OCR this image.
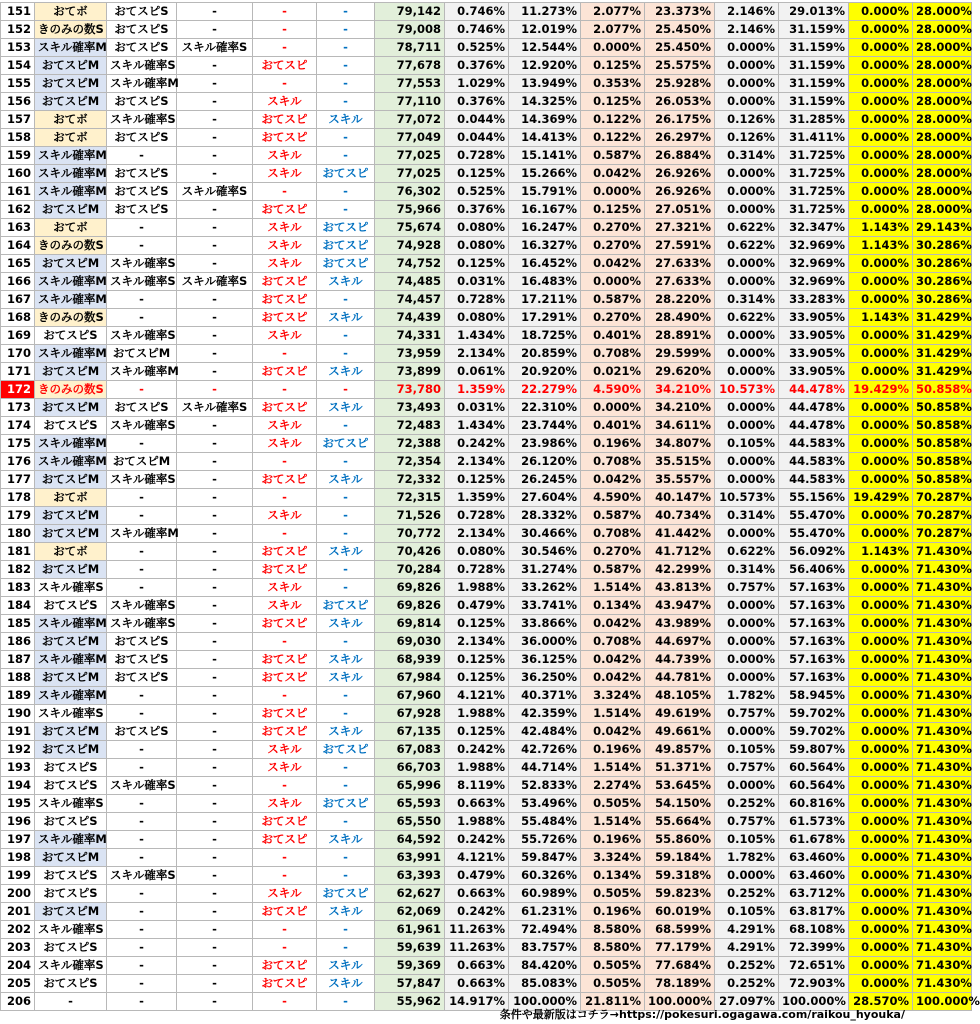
151	おてボ	おてスピS	-	-	-	79,142	0.746%	11.273%	2.077%	23.373%	2.146%	29.013%	0.000%	28.000%
152	きのみの数S	おてスピS	-	-	-	79,008	0.746%	12.019%	2.077%	25.450%	2.146%	31.159%	0.000%	28.000%
153	スキル確率M	おてスピS	スキル確率S	-	-	78,711	0.525%	12.544%	0.000%	25.450%	0.000%	31.159%	0.000%	28.000%
154	おてスピM	スキル確率S	-	おてスピ	-	77,678	0.376%	12.920%	0.125%	25.575%	0.000%	31.159%	0.000%	28.000%
155	おてスピM	スキル確率M	-	-	-	77,553	1.029%	13.949%	0.353%	25.928%	0.000%	31.159%	0.000%	28.000%
156	おてスピM	おてスピS	-	スキル	-	77,110	0.376%	14.325%	0.125%	26.053%	0.000%	31.159%	0.000%	28.000%
157	おてボ	スキル確率S	-	おてスピ	スキル	77,072	0.044%	14.369%	0.122%	26.175%	0.126%	31.285%	0.000%	28.000%
158	おてボ	おてスピS	-	おてスピ	-	77,049	0.044%	14.413%	0.122%	26.297%	0.126%	31.411%	0.000%	28.000%
159	スキル確率M	-	-	スキル	-	77,025	0.728%	15.141%	0.587%	26.884%	0.314%	31.725%	0.000%	28.000%
160	スキル確率M	おてスピS	-	スキル	おてスピ	77,025	0.125%	15.266%	0.042%	26.926%	0.000%	31.725%	0.000%	28.000%
161	スキル確率M	おてスピS	スキル確率S	-	-	76,302	0.525%	15.791%	0.000%	26.926%	0.000%	31.725%	0.000%	28.000%
162	おてスピM	おてスピS	-	おてスピ	-	75,966	0.376%	16.167%	0.125%	27.051%	0.000%	31.725%	0.000%	28.000%
163	おてボ	-	-	スキル	おてスピ	75,674	0.080%	16.247%	0.270%	27.321%	0.622%	32.347%	1.143%	29.143%
164	きのみの数S	-	-	スキル	おてスピ	74,928	0.080%	16.327%	0.270%	27.591%	0.622%	32.969%	1.143%	30.286%
165	おてスピM	スキル確率S	-	スキル	おてスピ	74,752	0.125%	16.452%	0.042%	27.633%	0.000%	32.969%	0.000%	30.286%
166	スキル確率M	スキル確率S	スキル確率S	おてスピ	スキル	74,485	0.031%	16.483%	0.000%	27.633%	0.000%	32.969%	0.000%	30.286%
167	スキル確率M	-	-	おてスピ	-	74,457	0.728%	17.211%	0.587%	28.220%	0.314%	33.283%	0.000%	30.286%
168	きのみの数S	-	-	おてスピ	スキル	74,439	0.080%	17.291%	0.270%	28.490%	0.622%	33.905%	1.143%	31.429%
169	おてスピS	スキル確率S	-	スキル	-	74,331	1.434%	18.725%	0.401%	28.891%	0.000%	33.905%	0.000%	31.429%
170	スキル確率M	おてスピM	-	-	-	73,959	2.134%	20.859%	0.708%	29.599%	0.000%	33.905%	0.000%	31.429%
171	おてスピM	スキル確率M	-	おてスピ	スキル	73,899	0.061%	20.920%	0.021%	29.620%	0.000%	33.905%	0.000%	31.429%
172	きのみの数S	-	-	-	-	73,780	1.359%	22.279%	4.590%	34.210%	10.573%	44.478%	19.429%	50.858%
173	おてスピM	おてスピS	スキル確率S	おてスピ	スキル	73,493	0.031%	22.310%	0.000%	34.210%	0.000%	44.478%	0.000%	50.858%
174	おてスピS	スキル確率S	-	スキル	-	72,483	1.434%	23.744%	0.401%	34.611%	0.000%	44.478%	0.000%	50.858%
175	スキル確率M	-	-	スキル	おてスピ	72,388	0.242%	23.986%	0.196%	34.807%	0.105%	44.583%	0.000%	50.858%
176	スキル確率M	おてスピM	-	-	-	72,354	2.134%	26.120%	0.708%	35.515%	0.000%	44.583%	0.000%	50.858%
177	おてスピM	スキル確率S	-	おてスピ	スキル	72,332	0.125%	26.245%	0.042%	35.557%	0.000%	44.583%	0.000%	50.858%
178	おてボ	-	-	-	-	72,315	1.359%	27.604%	4.590%	40.147%	10.573%	55.156%	19.429%	70.287%
179	おてスピM	-	-	スキル	-	71,526	0.728%	28.332%	0.587%	40.734%	0.314%	55.470%	0.000%	70.287%
180	おてスピM	スキル確率M	-	-	-	70,772	2.134%	30.466%	0.708%	41.442%	0.000%	55.470%	0.000%	70.287%
181	おてボ	-	-	おてスピ	スキル	70,426	0.080%	30.546%	0.270%	41.712%	0.622%	56.092%	1.143%	71.430%
182	おてスピM	-	-	おてスピ	-	70,284	0.728%	31.274%	0.587%	42.299%	0.314%	56.406%	0.000%	71.430%
183	スキル確率S	-	-	スキル	-	69,826	1.988%	33.262%	1.514%	43.813%	0.757%	57.163%	0.000%	71.430%
184	おてスピS	スキル確率S	-	スキル	おてスピ	69,826	0.479%	33.741%	0.134%	43.947%	0.000%	57.163%	0.000%	71.430%
185	スキル確率M	スキル確率S	-	おてスピ	スキル	69,814	0.125%	33.866%	0.042%	43.989%	0.000%	57.163%	0.000%	71.430%
186	おてスピM	おてスピS	-	-	-	69,030	2.134%	36.000%	0.708%	44.697%	0.000%	57.163%	0.000%	71.430%
187	スキル確率M	おてスピS	-	おてスピ	スキル	68,939	0.125%	36.125%	0.042%	44.739%	0.000%	57.163%	0.000%	71.430%
188	おてスピM	おてスピS	-	おてスピ	スキル	67,984	0.125%	36.250%	0.042%	44.781%	0.000%	57.163%	0.000%	71.430%
189	スキル確率M	-	-	-	-	67,960	4.121%	40.371%	3.324%	48.105%	1.782%	58.945%	0.000%	71.430%
190	スキル確率S	-	-	おてスピ	-	67,928	1.988%	42.359%	1.514%	49.619%	0.757%	59.702%	0.000%	71.430%
191	おてスピM	おてスピS	-	おてスピ	スキル	67,135	0.125%	42.484%	0.042%	49.661%	0.000%	59.702%	0.000%	71.430%
192	おてスピM	-	-	スキル	おてスピ	67,083	0.242%	42.726%	0.196%	49.857%	0.105%	59.807%	0.000%	71.430%
193	おてスピS	-	-	スキル	-	66,703	1.988%	44.714%	1.514%	51.371%	0.757%	60.564%	0.000%	71.430%
194	おてスピS	スキル確率S	-	-	-	65,996	8.119%	52.833%	2.274%	53.645%	0.000%	60.564%	0.000%	71.430%
195	スキル確率S	-	-	スキル	おてスピ	65,593	0.663%	53.496%	0.505%	54.150%	0.252%	60.816%	0.000%	71.430%
196	おてスピS	-	-	おてスピ	-	65,550	1.988%	55.484%	1.514%	55.664%	0.757%	61.573%	0.000%	71.430%
197	スキル確率M	-	-	おてスピ	スキル	64,592	0.242%	55.726%	0.196%	55.860%	0.105%	61.678%	0.000%	71.430%
198	おてスピM	-	-	-	-	63,991	4.121%	59.847%	3.324%	59.184%	1.782%	63.460%	0.000%	71.430%
199	おてスピS	スキル確率S	-	-	-	63,393	0.479%	60.326%	0.134%	59.318%	0.000%	63.460%	0.000%	71.430%
200	おてスピS	-	-	スキル	おてスピ	62,627	0.663%	60.989%	0.505%	59.823%	0.252%	63.712%	0.000%	71.430%
201	おてスピM	-	-	おてスピ	スキル	62,069	0.242%	61.231%	0.196%	60.019%	0.105%	63.817%	0.000%	71.430%
202	スキル確率S	-	-	-	-	61,961	11.263%	72.494%	8.580%	68.599%	4.291%	68.108%	0.000%	71.430%
203	おてスピS	-	-	-	-	59,639	11.263%	83.757%	8.580%	77.179%	4.291%	72.399%	0.000%	71.430%
204	スキル確率S	-	-	おてスピ	スキル	59,369	0.663%	84.420%	0.505%	77.684%	0.252%	72.651%	0.000%	71.430%
205	おてスピS	-	-	おてスピ	スキル	57,847	0.663%	85.083%	0.505%	78.189%	0.252%	72.903%	0.000%	71.430%
206	-	-	-	-	-	55,962	14.917%	100.000%	21.811%	100.000%	27.097%	100.000%	28.570%	100.000%
条件や最新版はコチラ→https://pokesuri.ogagawa.com/raikou_hyouka/
